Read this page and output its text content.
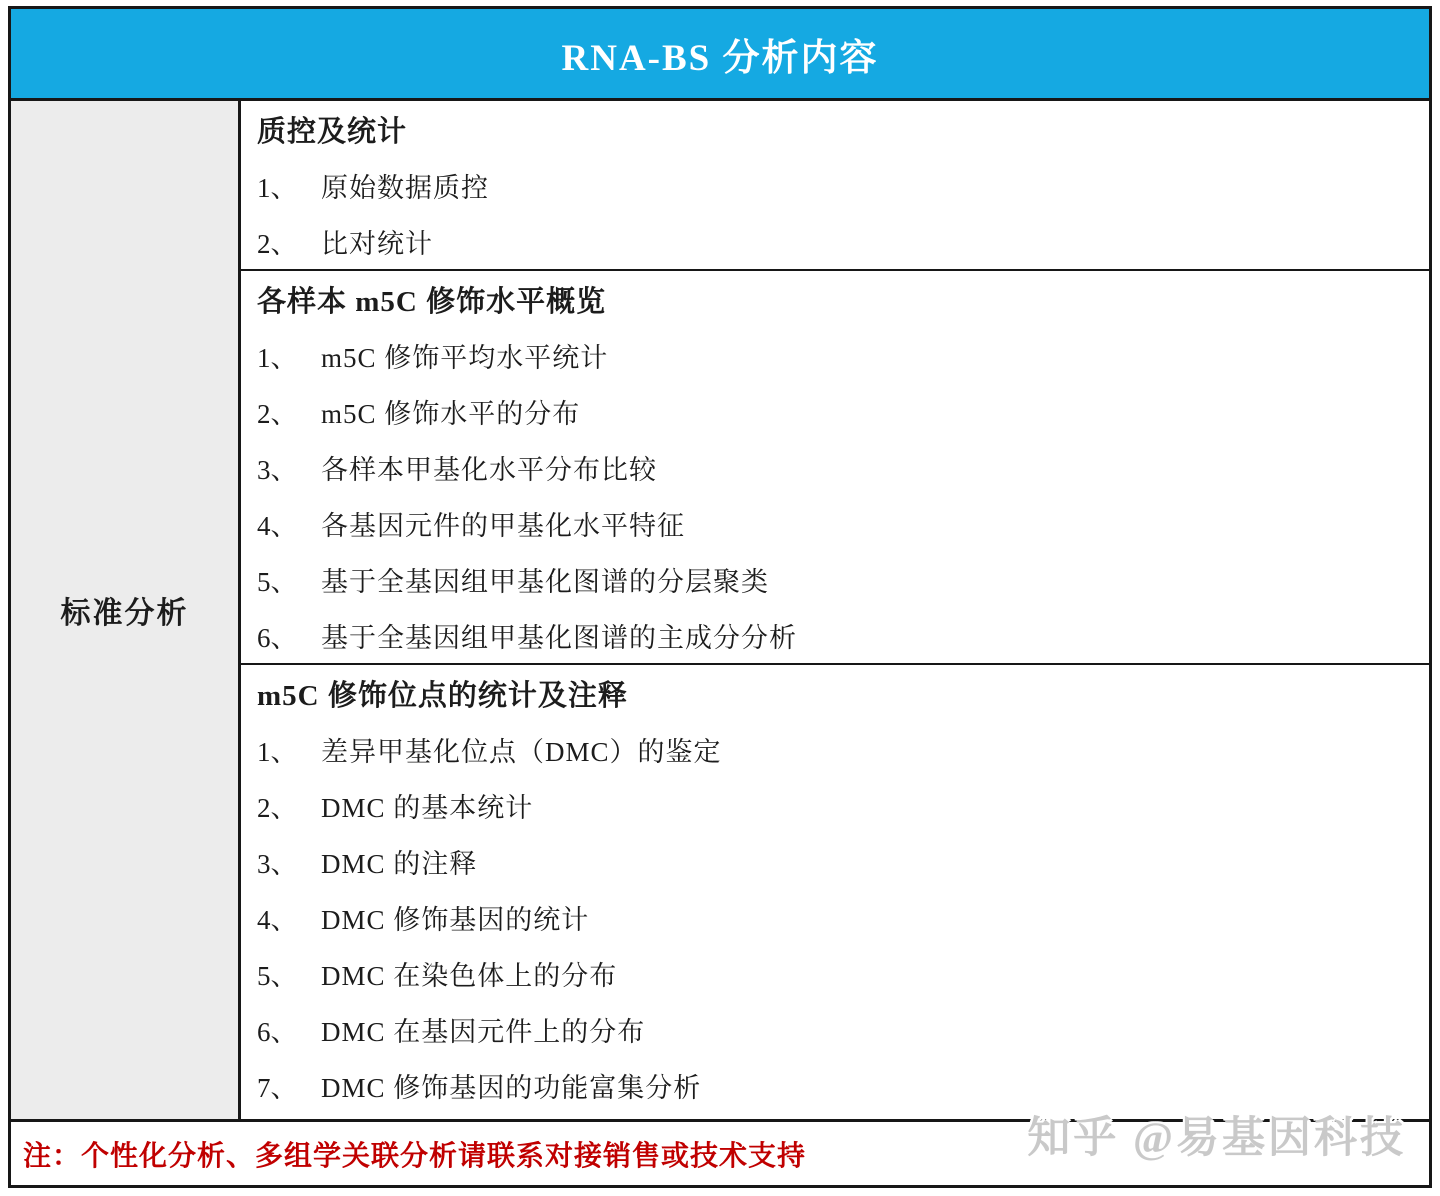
RNA-BS 分析内容
标准分析
质控及统计
1、 原始数据质控
2、 比对统计
各样本 m5C 修饰水平概览
1、 m5C 修饰平均水平统计
2、 m5C 修饰水平的分布
3、 各样本甲基化水平分布比较
4、 各基因元件的甲基化水平特征
5、 基于全基因组甲基化图谱的分层聚类
6、 基于全基因组甲基化图谱的主成分分析
m5C 修饰位点的统计及注释
1、 差异甲基化位点（DMC）的鉴定
2、 DMC 的基本统计
3、 DMC 的注释
4、 DMC 修饰基因的统计
5、 DMC 在染色体上的分布
6、 DMC 在基因元件上的分布
7、 DMC 修饰基因的功能富集分析
注：个性化分析、多组学关联分析请联系对接销售或技术支持	知乎 @易基因科技
